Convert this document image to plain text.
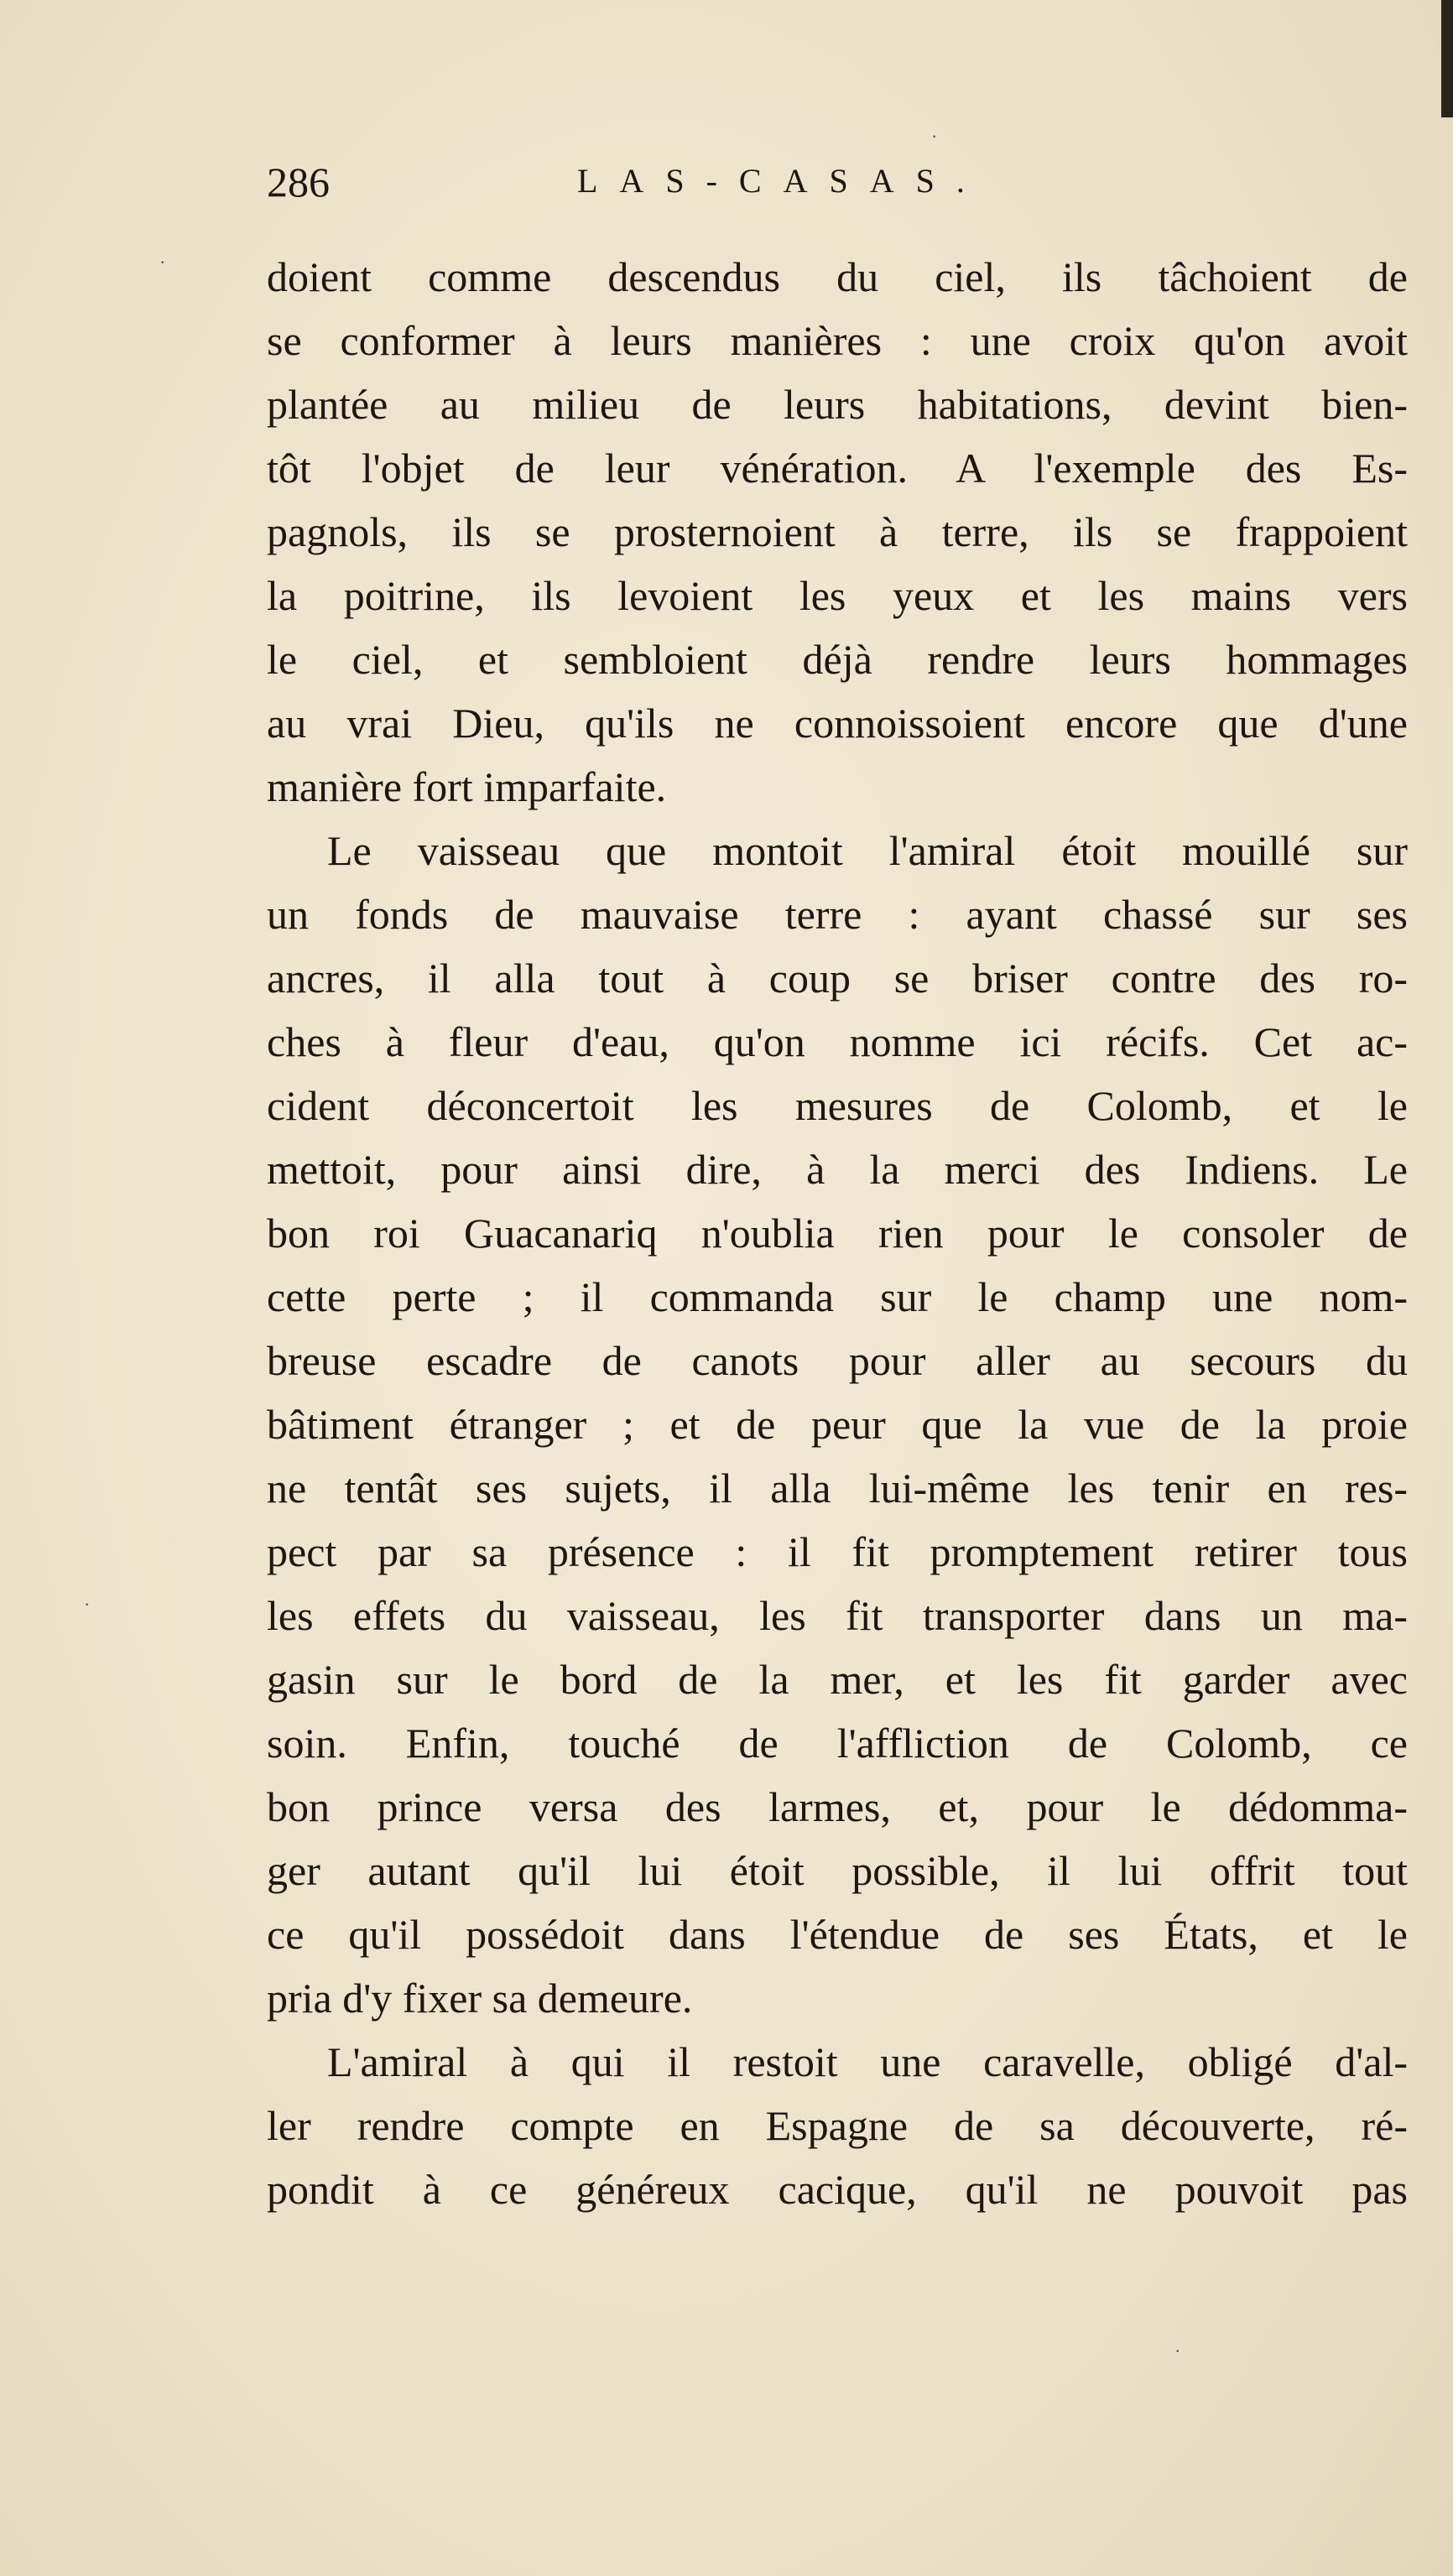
286	LAS-CASAS.
doient comme descendus du ciel, ils tâchoient de
se conformer à leurs manières : une croix qu'on avoit
plantée au milieu de leurs habitations, devint bien-
tôt l'objet de leur vénération. A l'exemple des Es-
pagnols, ils se prosternoient à terre, ils se frappoient
la poitrine, ils levoient les yeux et les mains vers
le ciel, et sembloient déjà rendre leurs hommages
au vrai Dieu, qu'ils ne connoissoient encore que d'une
manière fort imparfaite.
Le vaisseau que montoit l'amiral étoit mouillé sur
un fonds de mauvaise terre : ayant chassé sur ses
ancres, il alla tout à coup se briser contre des ro-
ches à fleur d'eau, qu'on nomme ici récifs. Cet ac-
cident déconcertoit les mesures de Colomb, et le
mettoit, pour ainsi dire, à la merci des Indiens. Le
bon roi Guacanariq n'oublia rien pour le consoler de
cette perte ; il commanda sur le champ une nom-
breuse escadre de canots pour aller au secours du
bâtiment étranger ; et de peur que la vue de la proie
ne tentât ses sujets, il alla lui-même les tenir en res-
pect par sa présence : il fit promptement retirer tous
les effets du vaisseau, les fit transporter dans un ma-
gasin sur le bord de la mer, et les fit garder avec
soin. Enfin, touché de l'affliction de Colomb, ce
bon prince versa des larmes, et, pour le dédomma-
ger autant qu'il lui étoit possible, il lui offrit tout
ce qu'il possédoit dans l'étendue de ses États, et le
pria d'y fixer sa demeure.
L'amiral à qui il restoit une caravelle, obligé d'al-
ler rendre compte en Espagne de sa découverte, ré-
pondit à ce généreux cacique, qu'il ne pouvoit pas
·
·
·
·
